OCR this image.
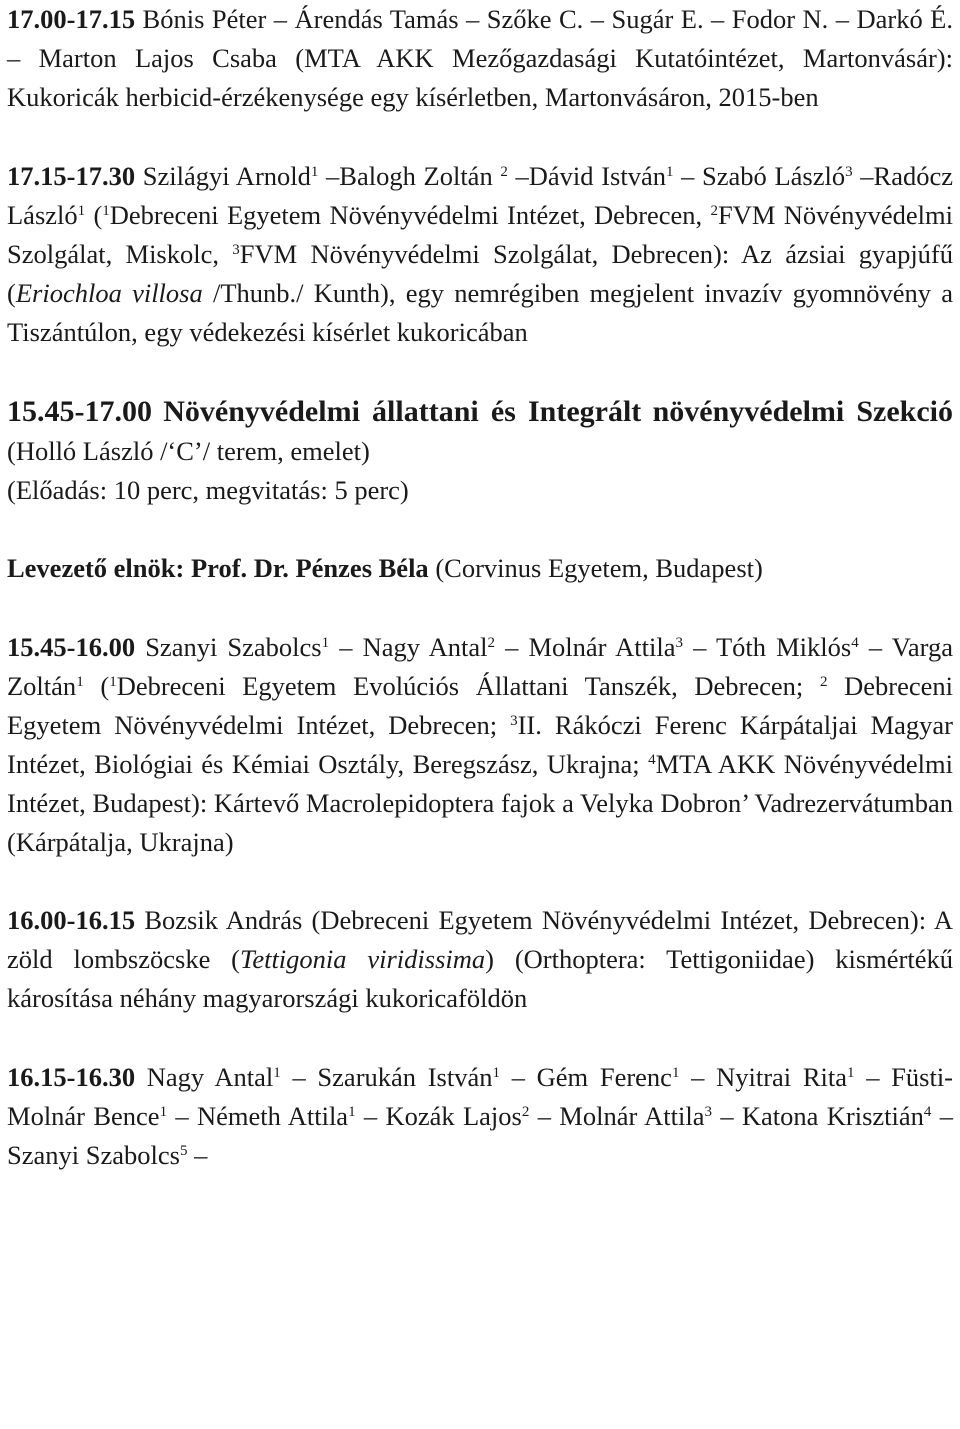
17.00-17.15 Bónis Péter – Árendás Tamás – Szőke C. – Sugár E. – Fodor N. – Darkó É. – Marton Lajos Csaba (MTA AKK Mezőgazdasági Kutatóintézet, Martonvásár): Kukoricák herbicid-érzékenysége egy kísérletben, Martonvásáron, 2015-ben

17.15-17.30 Szilágyi Arnold$^1$ –Balogh Zoltán $^2$ –Dávid István$^1$ – Szabó László$^3$ –Radócz László$^1$ ($^1$Debreceni Egyetem Növényvédelmi Intézet, Debrecen, $^2$FVM Növényvédelmi Szolgálat, Miskolc, $^3$FVM Növényvédelmi Szolgálat, Debrecen): Az ázsiai gyapjúfű (Eriochloa villosa /Thunb./ Kunth), egy nemrégiben megjelent invazív gyomnövény a Tiszántúlon, egy védekezési kísérlet kukoricában

15.45-17.00 Növényvédelmi állattani és Integrált növényvédelmi Szekció (Holló László /‘C’/ terem, emelet)
(Előadás: 10 perc, megvitatás: 5 perc)

Levezető elnök: Prof. Dr. Pénzes Béla (Corvinus Egyetem, Budapest)

15.45-16.00 Szanyi Szabolcs$^1$ – Nagy Antal$^2$ – Molnár Attila$^3$ – Tóth Miklós$^4$ – Varga Zoltán$^1$ ($^1$Debreceni Egyetem Evolúciós Állattani Tanszék, Debrecen; $^2$ Debreceni Egyetem Növényvédelmi Intézet, Debrecen; $^3$II. Rákóczi Ferenc Kárpátaljai Magyar Intézet, Biológiai és Kémiai Osztály, Beregszász, Ukrajna; $^4$MTA AKK Növényvédelmi Intézet, Budapest): Kártevő Macrolepidoptera fajok a Velyka Dobron’ Vadrezervátumban (Kárpátalja, Ukrajna)

16.00-16.15 Bozsik András (Debreceni Egyetem Növényvédelmi Intézet, Debrecen): A zöld lombszöcske (Tettigonia viridissima) (Orthoptera: Tettigoniidae) kismértékű károsítása néhány magyarországi kukoricaföldön

16.15-16.30 Nagy Antal$^1$ – Szarukán István$^1$ – Gém Ferenc$^1$ – Nyitrai Rita$^1$ – Füsti-Molnár Bence$^1$ – Németh Attila$^1$ – Kozák Lajos$^2$ – Molnár Attila$^3$ – Katona Krisztián$^4$ – Szanyi Szabolcs$^5$ –
